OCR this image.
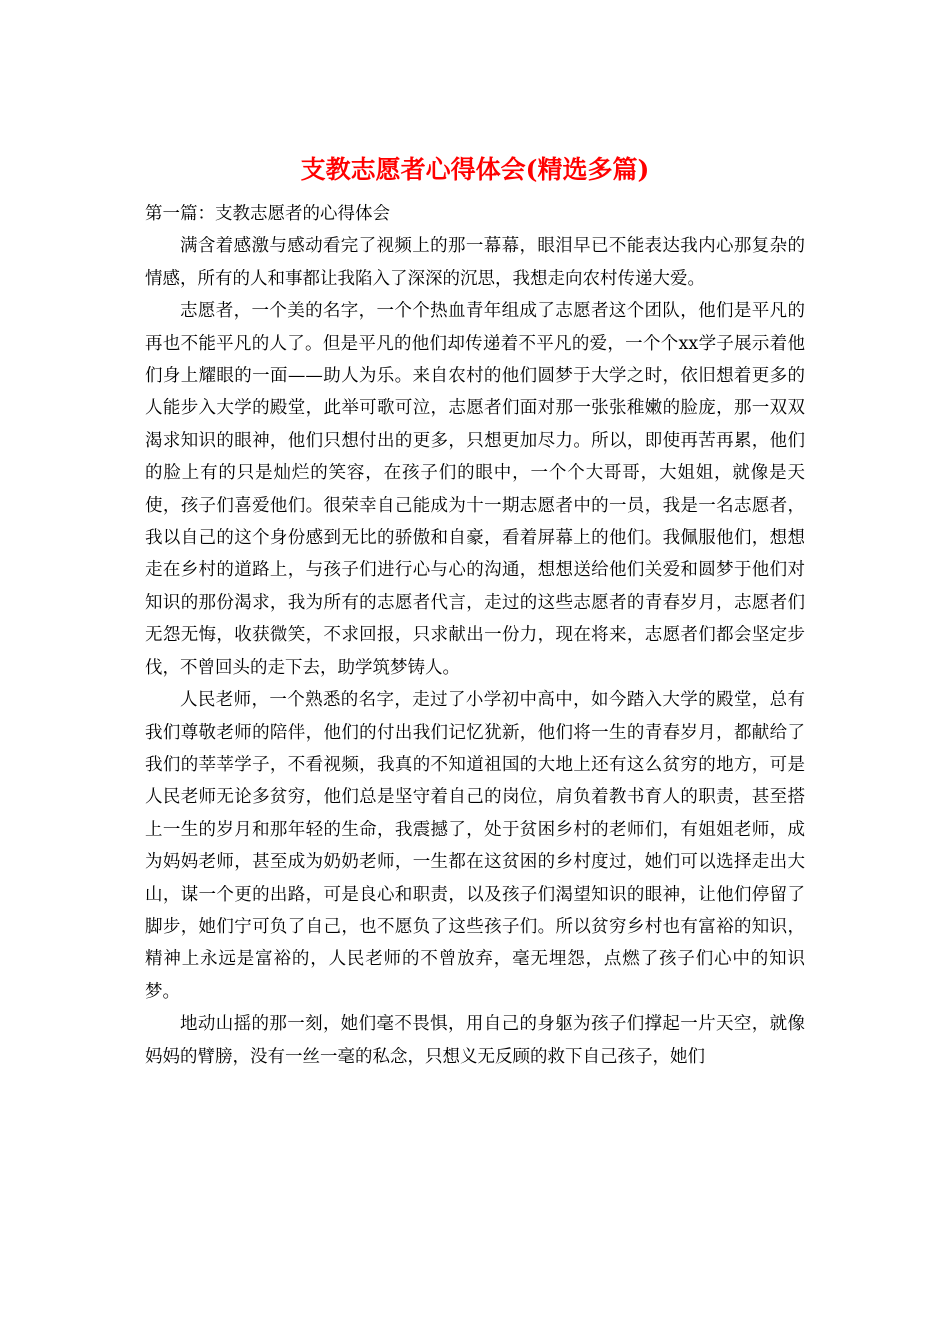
支教志愿者心得体会(精选多篇)

第一篇：支教志愿者的心得体会

满含着感激与感动看完了视频上的那一幕幕，眼泪早已不能表达我内心那复杂的情感，所有的人和事都让我陷入了深深的沉思，我想走向农村传递大爱。

志愿者，一个美的名字，一个个热血青年组成了志愿者这个团队，他们是平凡的再也不能平凡的人了。但是平凡的他们却传递着不平凡的爱，一个个xx学子展示着他们身上耀眼的一面——助人为乐。来自农村的他们圆梦于大学之时，依旧想着更多的人能步入大学的殿堂，此举可歌可泣，志愿者们面对那一张张稚嫩的脸庞，那一双双渴求知识的眼神，他们只想付出的更多，只想更加尽力。所以，即使再苦再累，他们的脸上有的只是灿烂的笑容，在孩子们的眼中，一个个大哥哥，大姐姐，就像是天使，孩子们喜爱他们。很荣幸自己能成为十一期志愿者中的一员，我是一名志愿者，我以自己的这个身份感到无比的骄傲和自豪，看着屏幕上的他们。我佩服他们，想想走在乡村的道路上，与孩子们进行心与心的沟通，想想送给他们关爱和圆梦于他们对知识的那份渴求，我为所有的志愿者代言，走过的这些志愿者的青春岁月，志愿者们无怨无悔，收获微笑，不求回报，只求献出一份力，现在将来，志愿者们都会坚定步伐，不曾回头的走下去，助学筑梦铸人。

人民老师，一个熟悉的名字，走过了小学初中高中，如今踏入大学的殿堂，总有我们尊敬老师的陪伴，他们的付出我们记忆犹新，他们将一生的青春岁月，都献给了我们的莘莘学子，不看视频，我真的不知道祖国的大地上还有这么贫穷的地方，可是人民老师无论多贫穷，他们总是坚守着自己的岗位，肩负着教书育人的职责，甚至搭上一生的岁月和那年轻的生命，我震撼了，处于贫困乡村的老师们，有姐姐老师，成为妈妈老师，甚至成为奶奶老师，一生都在这贫困的乡村度过，她们可以选择走出大山，谋一个更的出路，可是良心和职责，以及孩子们渴望知识的眼神，让他们停留了脚步，她们宁可负了自己，也不愿负了这些孩子们。所以贫穷乡村也有富裕的知识，精神上永远是富裕的，人民老师的不曾放弃，毫无埋怨，点燃了孩子们心中的知识梦。

地动山摇的那一刻，她们毫不畏惧，用自己的身躯为孩子们撑起一片天空，就像妈妈的臂膀，没有一丝一毫的私念，只想义无反顾的救下自己孩子，她们
